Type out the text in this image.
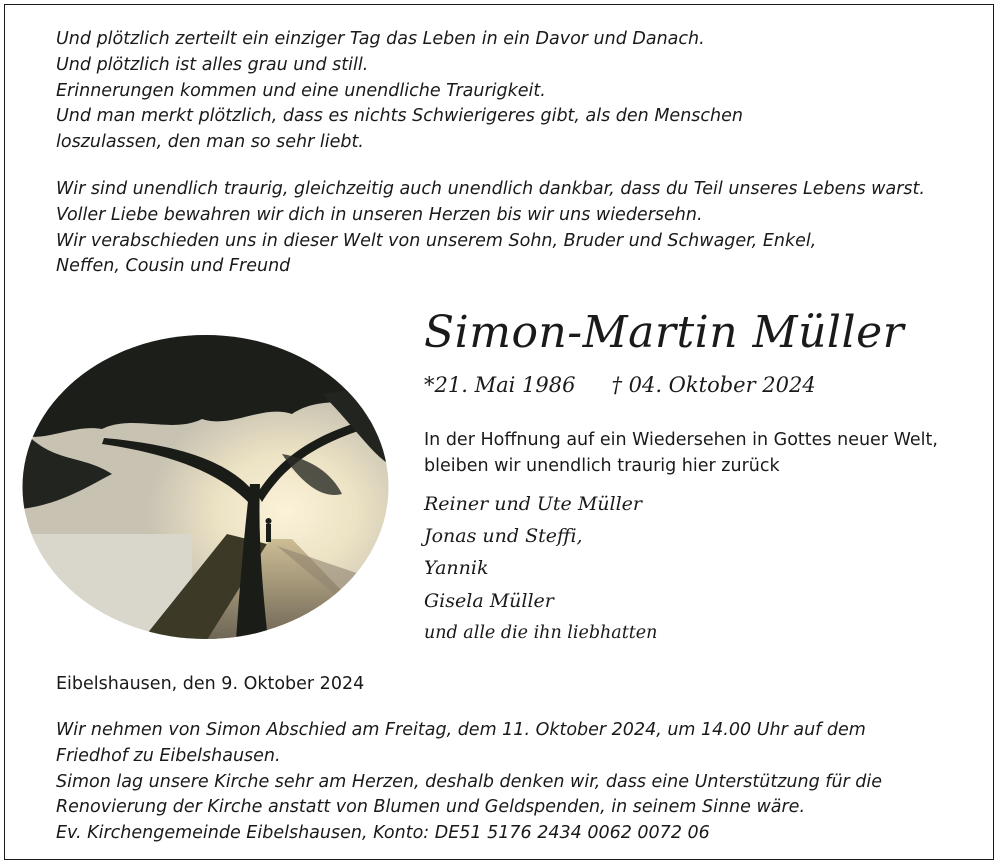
Und plötzlich zerteilt ein einziger Tag das Leben in ein Davor und Danach.
Und plötzlich ist alles grau und still.
Erinnerungen kommen und eine unendliche Traurigkeit.
Und man merkt plötzlich, dass es nichts Schwierigeres gibt, als den Menschen
loszulassen, den man so sehr liebt.
Wir sind unendlich traurig, gleichzeitig auch unendlich dankbar, dass du Teil unseres Lebens warst.
Voller Liebe bewahren wir dich in unseren Herzen bis wir uns wiedersehn.
Wir verabschieden uns in dieser Welt von unserem Sohn, Bruder und Schwager, Enkel,
Neffen, Cousin und Freund
Simon-Martin Müller
*21. Mai 1986 † 04. Oktober 2024
In der Hoffnung auf ein Wiedersehen in Gottes neuer Welt,
bleiben wir unendlich traurig hier zurück
Reiner und Ute Müller
Jonas und Steffi,
Yannik
Gisela Müller
und alle die ihn liebhatten
Eibelshausen, den 9. Oktober 2024
Wir nehmen von Simon Abschied am Freitag, dem 11. Oktober 2024, um 14.00 Uhr auf dem
Friedhof zu Eibelshausen.
Simon lag unsere Kirche sehr am Herzen, deshalb denken wir, dass eine Unterstützung für die
Renovierung der Kirche anstatt von Blumen und Geldspenden, in seinem Sinne wäre.
Ev. Kirchengemeinde Eibelshausen, Konto: DE51 5176 2434 0062 0072 06
